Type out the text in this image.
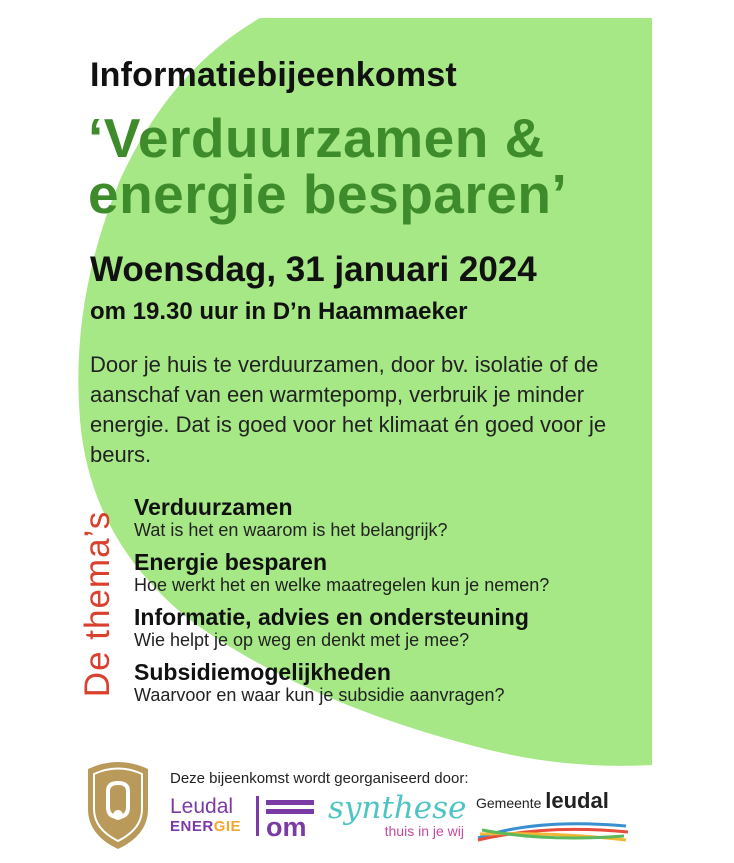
Informatiebijeenkomst
‘Verduurzamen &
energie besparen’
Woensdag, 31 januari 2024
om 19.30 uur in D’n Haammaeker
Door je huis te verduurzamen, door bv. isolatie of de aanschaf van een warmtepomp, verbruik je minder energie. Dat is goed voor het klimaat én goed voor je beurs.
De thema’s
Verduurzamen
Wat is het en waarom is het belangrijk?
Energie besparen
Hoe werkt het en welke maatregelen kun je nemen?
Informatie, advies en ondersteuning
Wie helpt je op weg en denkt met je mee?
Subsidiemogelijkheden
Waarvoor en waar kun je subsidie aanvragen?
Deze bijeenkomst wordt georganiseerd door:
Leudal
ENERGIE om
synthese
thuis in je wij
Gemeente leudal
